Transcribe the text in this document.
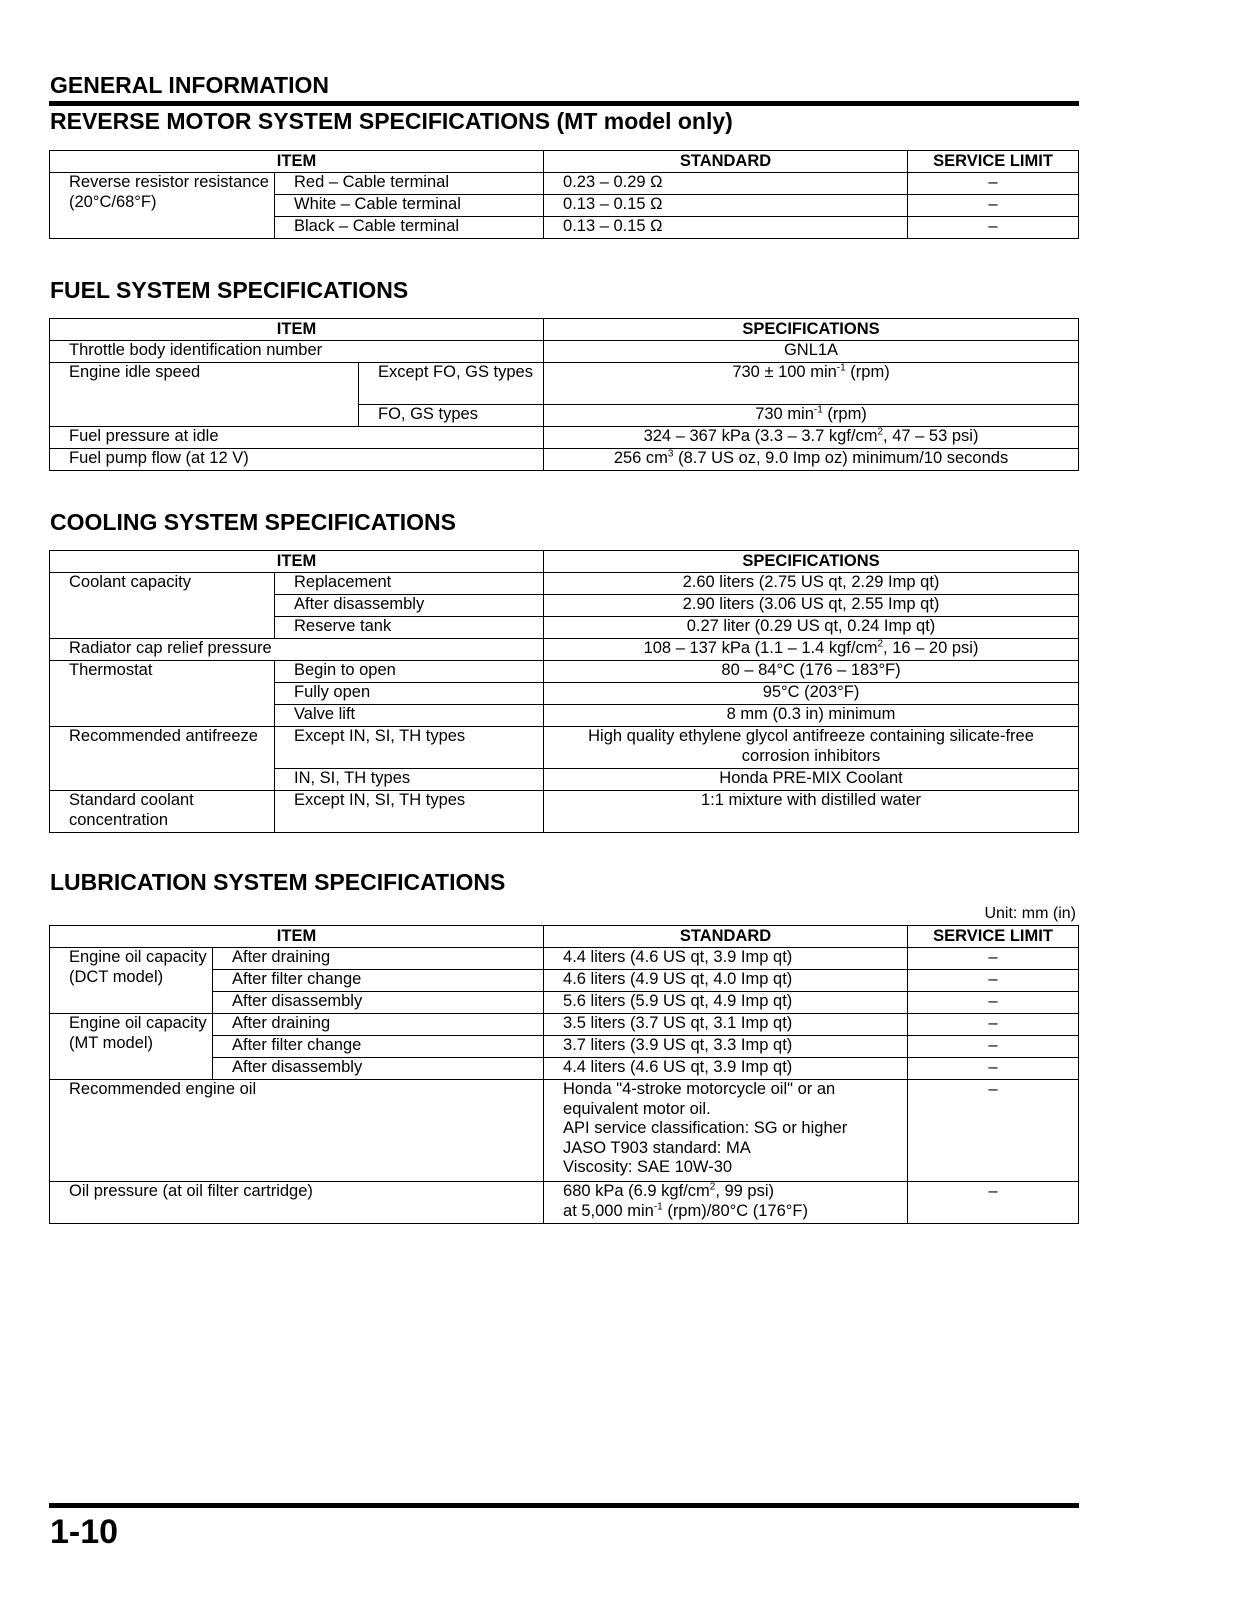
GENERAL INFORMATION
REVERSE MOTOR SYSTEM SPECIFICATIONS (MT model only)
ITEM		STANDARD	SERVICE LIMIT
Reverse resistor resistance (20°C/68°F)	Red – Cable terminal	0.23 – 0.29 Ω	–
	White – Cable terminal	0.13 – 0.15 Ω	–
	Black – Cable terminal	0.13 – 0.15 Ω	–
FUEL SYSTEM SPECIFICATIONS
ITEM		SPECIFICATIONS
Throttle body identification number		GNL1A
Engine idle speed	Except FO, GS types	730 ± 100 $\min^{-1} (rpm)$
	FO, GS types	730 $\min^{-1} (rpm)$
Fuel pressure at idle		324 – 367 kPa (3.3 – 3.7 kgf/$cm^2$, 47 – 53 psi)
Fuel pump flow (at 12 V)		256 $cm^3$ (8.7 US oz, 9.0 Imp oz) minimum/10 seconds
COOLING SYSTEM SPECIFICATIONS
ITEM		SPECIFICATIONS
Coolant capacity	Replacement	2.60 liters (2.75 US qt, 2.29 Imp qt)
	After disassembly	2.90 liters (3.06 US qt, 2.55 Imp qt)
	Reserve tank	0.27 liter (0.29 US qt, 0.24 Imp qt)
Radiator cap relief pressure		108 – 137 kPa (1.1 – 1.4 kgf/$cm^2$, 16 – 20 psi)
Thermostat	Begin to open	80 – 84°C (176 – 183°F)
	Fully open	95°C (203°F)
	Valve lift	8 mm (0.3 in) minimum
Recommended antifreeze	Except IN, SI, TH types	High quality ethylene glycol antifreeze containing silicate-free corrosion inhibitors
	IN, SI, TH types	Honda PRE-MIX Coolant
Standard coolant concentration	Except IN, SI, TH types	1:1 mixture with distilled water
LUBRICATION SYSTEM SPECIFICATIONS
Unit: mm (in)
ITEM		STANDARD	SERVICE LIMIT
Engine oil capacity (DCT model)	After draining	4.4 liters (4.6 US qt, 3.9 Imp qt)	–
	After filter change	4.6 liters (4.9 US qt, 4.0 Imp qt)	–
	After disassembly	5.6 liters (5.9 US qt, 4.9 Imp qt)	–
Engine oil capacity (MT model)	After draining	3.5 liters (3.7 US qt, 3.1 Imp qt)	–
	After filter change	3.7 liters (3.9 US qt, 3.3 Imp qt)	–
	After disassembly	4.4 liters (4.6 US qt, 3.9 Imp qt)	–
Recommended engine oil		Honda "4-stroke motorcycle oil" or an equivalent motor oil.
API service classification: SG or higher
JASO T903 standard: MA
Viscosity: SAE 10W-30	–
Oil pressure (at oil filter cartridge)		680 kPa (6.9 kgf/$cm^2$, 99 psi)
at 5,000 $\min^{-1} (rpm)/80^\circ C$ (176°F)	–
1-10
